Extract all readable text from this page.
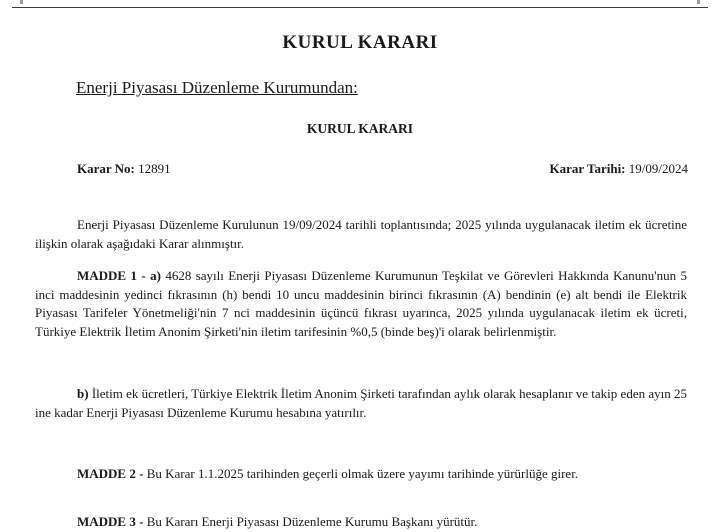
KURUL KARARI
Enerji Piyasası Düzenleme Kurumundan:
KURUL KARARI
Karar No: 12891	Karar Tarihi: 19/09/2024

Enerji Piyasası Düzenleme Kurulunun 19/09/2024 tarihli toplantısında; 2025 yılında uygulanacak iletim ek ücretine ilişkin olarak aşağıdaki Karar alınmıştır.

MADDE 1 - a) 4628 sayılı Enerji Piyasası Düzenleme Kurumunun Teşkilat ve Görevleri Hakkında Kanunu'nun 5 inci maddesinin yedinci fıkrasının (h) bendi 10 uncu maddesinin birinci fıkrasının (A) bendinin (e) alt bendi ile Elektrik Piyasası Tarifeler Yönetmeliği'nin 7 nci maddesinin üçüncü fıkrası uyarınca, 2025 yılında uygulanacak iletim ek ücreti, Türkiye Elektrik İletim Anonim Şirketi'nin iletim tarifesinin %0,5 (binde beş)'i olarak belirlenmiştir.

b) İletim ek ücretleri, Türkiye Elektrik İletim Anonim Şirketi tarafından aylık olarak hesaplanır ve takip eden ayın 25 ine kadar Enerji Piyasası Düzenleme Kurumu hesabına yatırılır.

MADDE 2 - Bu Karar 1.1.2025 tarihinden geçerli olmak üzere yayımı tarihinde yürürlüğe girer.

MADDE 3 - Bu Kararı Enerji Piyasası Düzenleme Kurumu Başkanı yürütür.
